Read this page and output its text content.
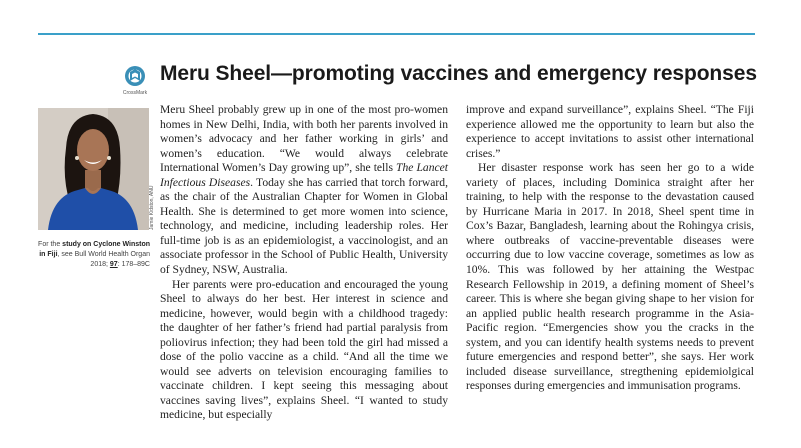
CrossMark
Meru Sheel—promoting vaccines and emergency responses
Jamie Kidston, ANU
For the study on Cyclone Winston in Fiji, see Bull World Health Organ 2018; 97: 178–89C

Meru Sheel probably grew up in one of the most pro-women homes in New Delhi, India, with both her parents involved in women’s advocacy and her father working in girls’ and women’s education. “We would always celebrate International Women’s Day growing up”, she tells The Lancet Infectious Diseases. Today she has carried that torch forward, as the chair of the Australian Chapter for Women in Global Health. She is determined to get more women into science, technology, and medicine, including leadership roles. Her full-time job is as an epidemiologist, a vaccinologist, and an associate professor in the School of Public Health, University of Sydney, NSW, Australia.

Her parents were pro-education and encouraged the young Sheel to always do her best. Her interest in science and medicine, however, would begin with a childhood tragedy: the daughter of her father’s friend had partial paralysis from poliovirus infection; they had been told the girl had missed a dose of the polio vaccine as a child. “And all the time we would see adverts on television encouraging families to vaccinate children. I kept seeing this messaging about vaccines saving lives”, explains Sheel. “I wanted to study medicine, but especially

improve and expand surveillance”, explains Sheel. “The Fiji experience allowed me the opportunity to learn but also the experience to accept invitations to assist other international crises.”

Her disaster response work has seen her go to a wide variety of places, including Dominica straight after her training, to help with the response to the devastation caused by Hurricane Maria in 2017. In 2018, Sheel spent time in Cox’s Bazar, Bangladesh, learning about the Rohingya crisis, where outbreaks of vaccine-preventable diseases were occurring due to low vaccine coverage, sometimes as low as 10%. This was followed by her attaining the Westpac Research Fellowship in 2019, a defining moment of Sheel’s career. This is where she began giving shape to her vision for an applied public health research programme in the Asia-Pacific region. “Emergencies show you the cracks in the system, and you can identify health systems needs to prevent future emergencies and respond better”, she says. Her work included disease surveillance, stregthening epidemiolgical responses during emergencies and immunisation programs.
